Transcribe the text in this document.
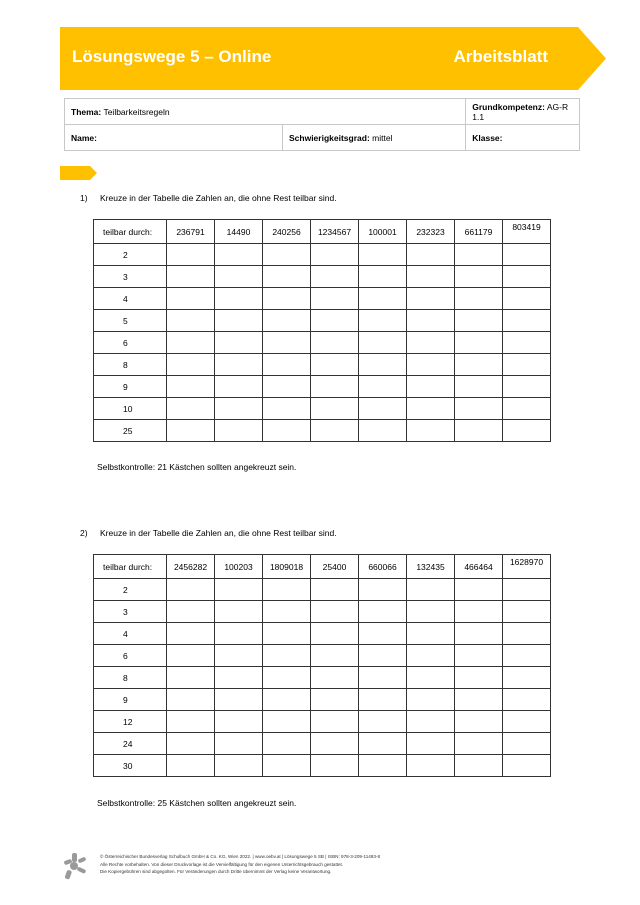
Lösungswege 5 – Online	Arbeitsblatt
Thema: Teilbarkeitsregeln		Grundkompetenz: AG-R 1.1
Name:	Schwierigkeitsgrad: mittel	Klasse:
1) Kreuze in der Tabelle die Zahlen an, die ohne Rest teilbar sind.
teilbar durch:	236791	14490	240256	1234567	100001	232323	661179	803419
2								
3								
4								
5								
6								
8								
9								
10								
25								
Selbstkontrolle: 21 Kästchen sollten angekreuzt sein.
2) Kreuze in der Tabelle die Zahlen an, die ohne Rest teilbar sind.
teilbar durch:	2456282	100203	1809018	25400	660066	132435	466464	1628970
2								
3								
4								
6								
8								
9								
12								
24								
30								
Selbstkontrolle: 25 Kästchen sollten angekreuzt sein.
© Österreichischer Bundesverlag Schulbuch GmbH & Co. KG, Wien 2022. | www.oebv.at | Lösungswege 5 SB | ISBN: 978-3-209-11493-8
Alle Rechte vorbehalten. Von dieser Druckvorlage ist die Vervielfältigung für den eigenen Unterrichtsgebrauch gestattet.
Die Kopiergebühren sind abgegolten. Für Veränderungen durch Dritte übernimmt der Verlag keine Verantwortung.
